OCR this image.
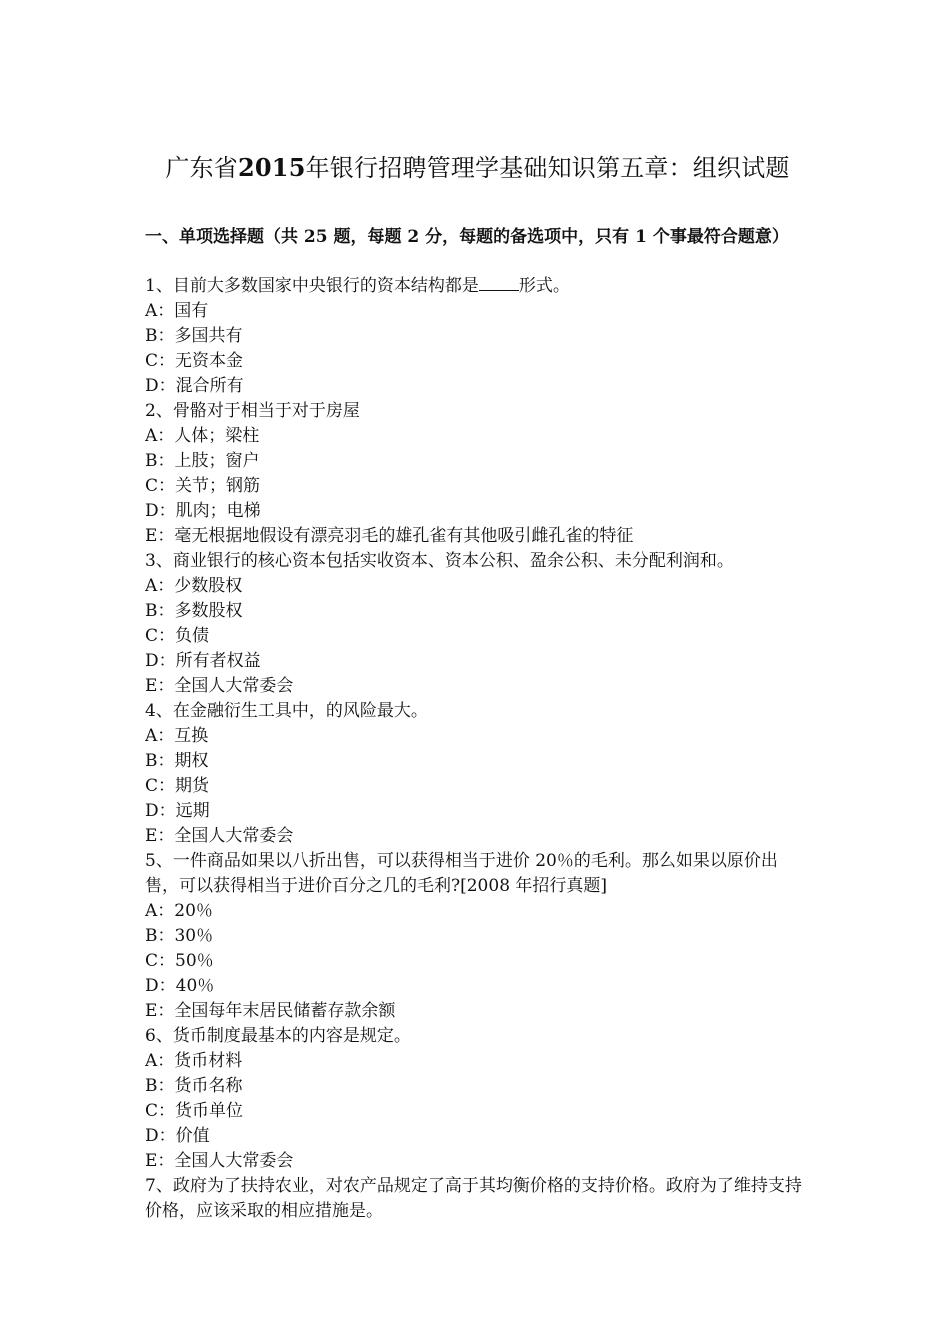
广东省2015年银行招聘管理学基础知识第五章：组织试题
一、单项选择题（共 25 题，每题 2 分，每题的备选项中，只有 1 个事最符合题意）
1、目前大多数国家中央银行的资本结构都是 形式。
A：国有
B：多国共有
C：无资本金
D：混合所有
2、骨骼对于相当于对于房屋
A：人体；梁柱
B：上肢；窗户
C：关节；钢筋
D：肌肉；电梯
E：毫无根据地假设有漂亮羽毛的雄孔雀有其他吸引雌孔雀的特征
3、商业银行的核心资本包括实收资本、资本公积、盈余公积、未分配利润和。
A：少数股权
B：多数股权
C：负债
D：所有者权益
E：全国人大常委会
4、在金融衍生工具中，的风险最大。
A：互换
B：期权
C：期货
D：远期
E：全国人大常委会
5、一件商品如果以八折出售，可以获得相当于进价 20％的毛利。那么如果以原价出售，可以获得相当于进价百分之几的毛利?[2008 年招行真题]
A：20％
B：30％
C：50％
D：40％
E：全国每年末居民储蓄存款余额
6、货币制度最基本的内容是规定。
A：货币材料
B：货币名称
C：货币单位
D：价值
E：全国人大常委会
7、政府为了扶持农业，对农产品规定了高于其均衡价格的支持价格。政府为了维持支持价格，应该采取的相应措施是。
